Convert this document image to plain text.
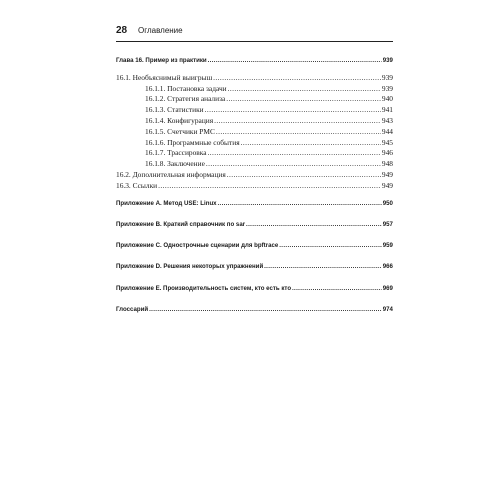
28 Оглавление
Глава 16. Пример из практики .....	939
16.1. Необъяснимый выигрыш .....	939
16.1.1. Постановка задачи .....	939
16.1.2. Стратегия анализа .....	940
16.1.3. Статистики .....	941
16.1.4. Конфигурация .....	943
16.1.5. Счетчики PMC .....	944
16.1.6. Программные события .....	945
16.1.7. Трассировка .....	946
16.1.8. Заключение .....	948
16.2. Дополнительная информация .....	949
16.3. Ссылки .....	949
Приложение A. Метод USE: Linux .....	950
Приложение B. Краткий справочник по sar .....	957
Приложение C. Однострочные сценарии для bpftrace .....	959
Приложение D. Решения некоторых упражнений .....	966
Приложение E. Производительность систем, кто есть кто .....	969
Глоссарий .....	974
